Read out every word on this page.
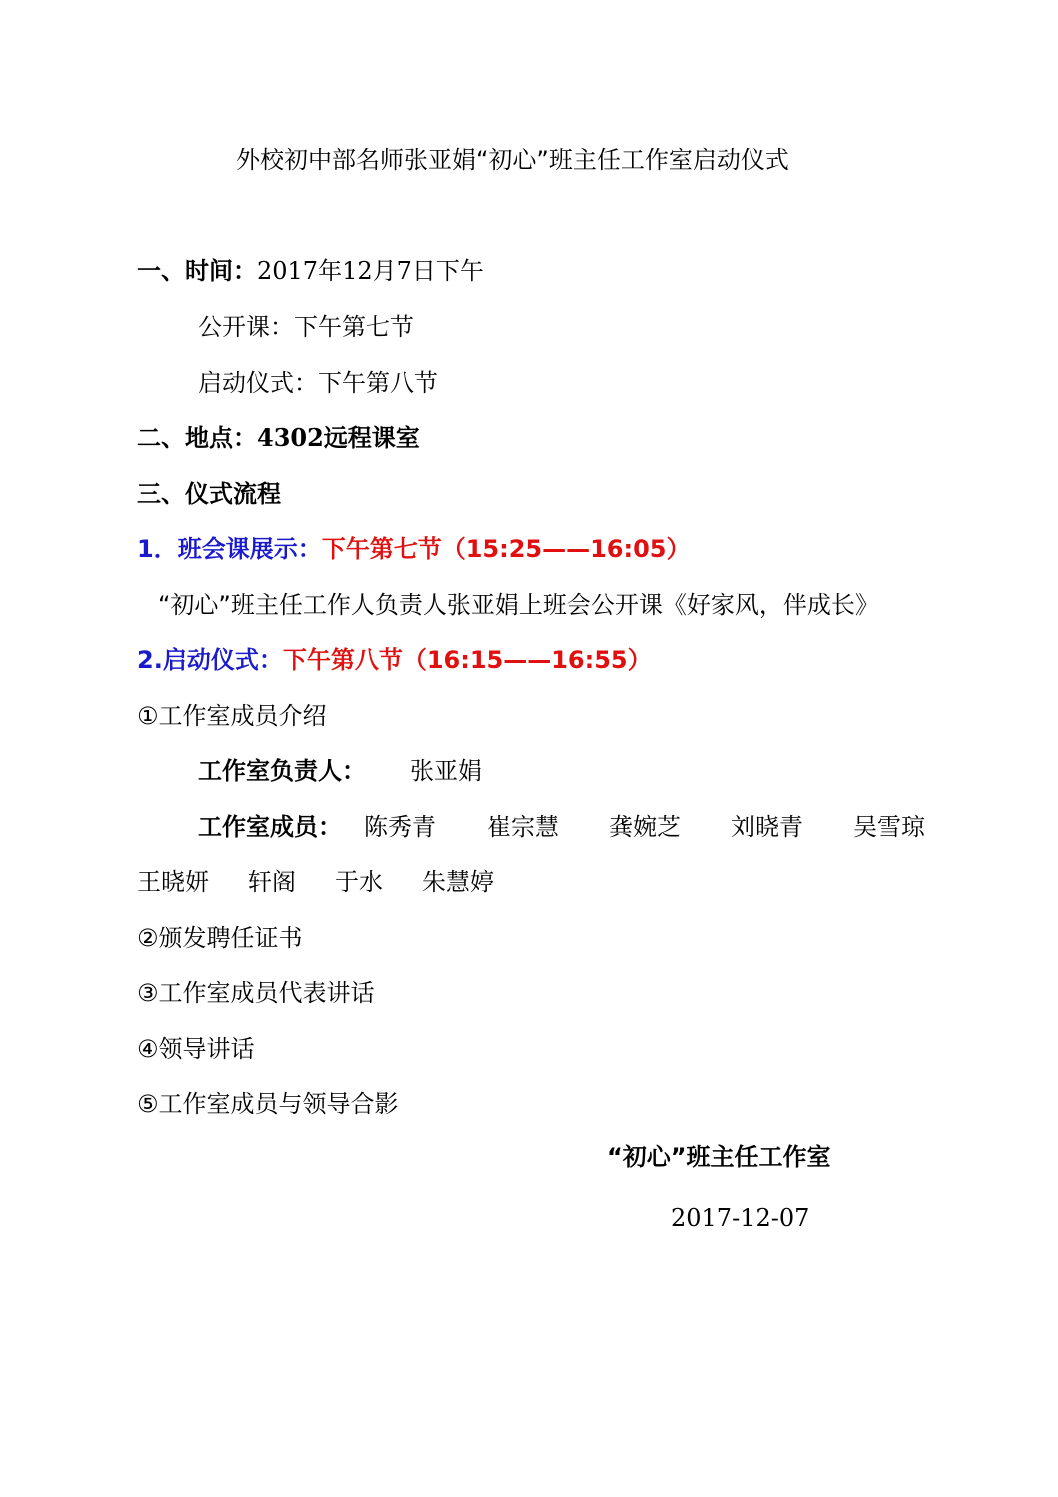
外校初中部名师张亚娟“初心”班主任工作室启动仪式
一、时间：2017年12月7日下午
公开课：下午第七节
启动仪式：下午第八节
二、地点：4302远程课室
三、仪式流程
1．班会课展示：下午第七节（15:25——16:05）
“初心”班主任工作人负责人张亚娟上班会公开课《好家风，伴成长》
2.启动仪式：下午第八节（16:15——16:55）
①工作室成员介绍
工作室负责人： 张亚娟
工作室成员： 陈秀青 崔宗慧 龚婉芝 刘晓青 吴雪琼
王晓妍 轩阁 于水 朱慧婷
②颁发聘任证书
③工作室成员代表讲话
④领导讲话
⑤工作室成员与领导合影
“初心”班主任工作室
2017-12-07
